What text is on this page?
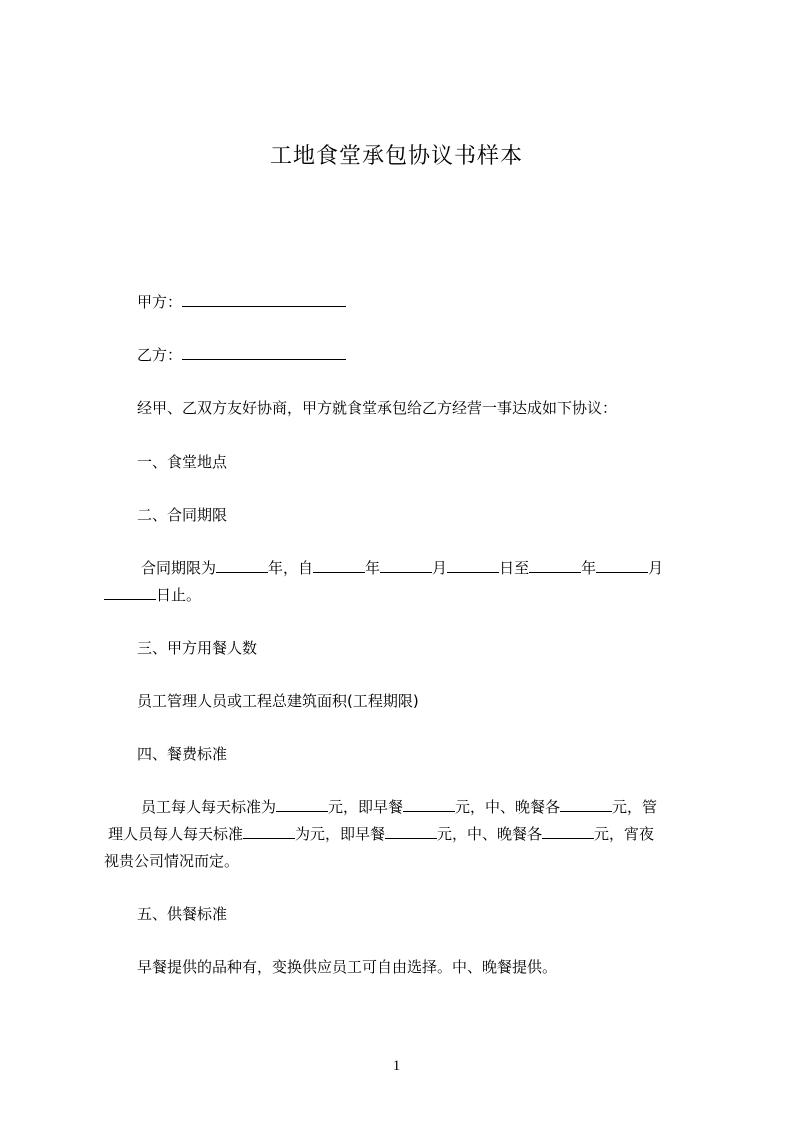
工地食堂承包协议书样本
甲方：
乙方：
经甲、乙双方友好协商，甲方就食堂承包给乙方经营一事达成如下协议：
一、食堂地点
二、合同期限
合同期限为	年，自	年	月	日至	年	月
日止。
三、甲方用餐人数
员工管理人员或工程总建筑面积(工程期限)
四、餐费标准
员工每人每天标准为	元，即早餐	元，中、晚餐各	元，管
理人员每人每天标准	为元，即早餐	元，中、晚餐各	元，宵夜
视贵公司情况而定。
五、供餐标准
早餐提供的品种有，变换供应员工可自由选择。中、晚餐提供。
1
